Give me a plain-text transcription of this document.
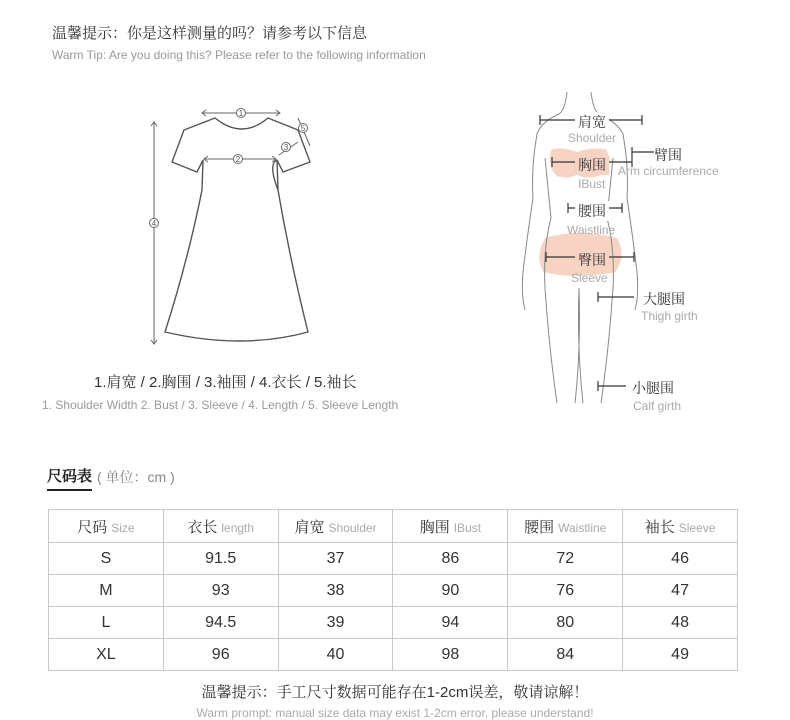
温馨提示：你是这样测量的吗？请参考以下信息
Warm Tip: Are you doing this? Please refer to the following information
1
2
3
4
5
1.肩宽 / 2.胸围 / 3.袖围 / 4.衣长 / 5.袖长
1. Shoulder Width 2. Bust / 3. Sleeve / 4. Length / 5. Sleeve Length
肩宽
Shoulder
臂围
Arm circumference
胸围
IBust
腰围
Waistline
臀围
Sleeve
大腿围
Thigh girth
小腿围
Calf girth
尺码表 ( 单位：cm )
尺码 Size	衣长 length	肩宽 Shoulder	胸围 IBust	腰围 Waistline	袖长 Sleeve
S	91.5	37	86	72	46
M	93	38	90	76	47
L	94.5	39	94	80	48
XL	96	40	98	84	49
温馨提示：手工尺寸数据可能存在1-2cm误差，敬请谅解！
Warm prompt: manual size data may exist 1-2cm error, please understand!
